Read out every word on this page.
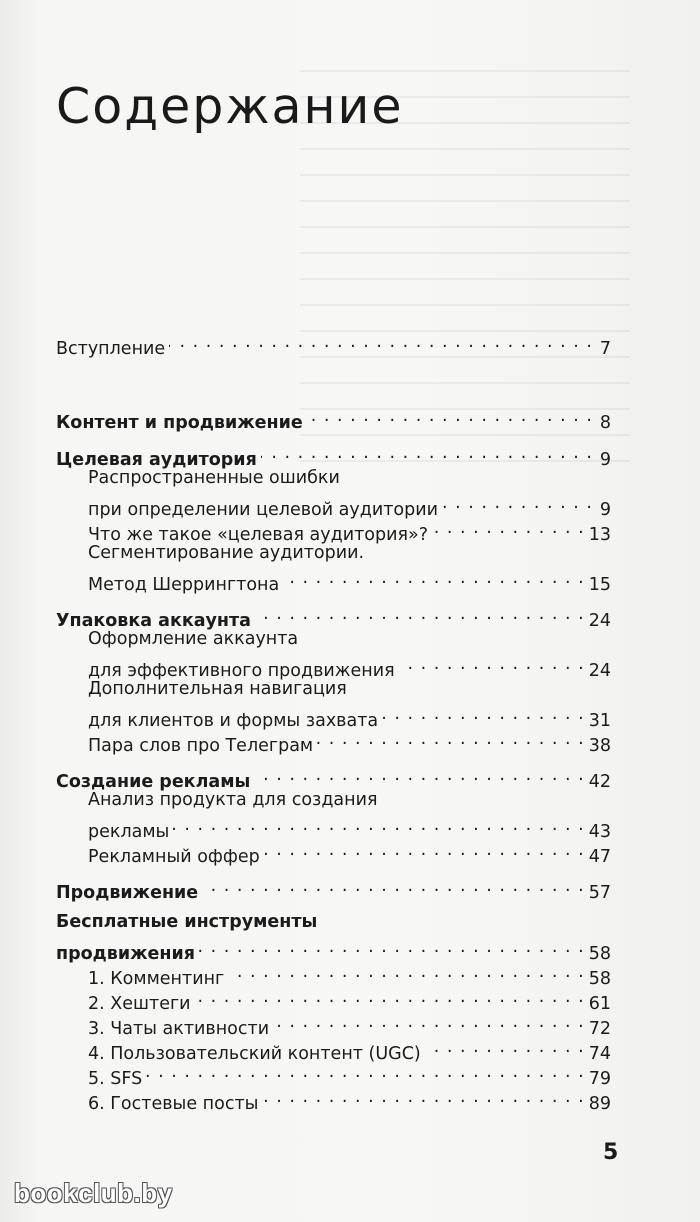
Содержание
Вступление . . .	7
Контент и продвижение . . .	8
Целевая аудитория . . .	9
Распространенные ошибки
при определении целевой аудитории . . .	9
Что же такое «целевая аудитория»? . . .	13
Сегментирование аудитории.
Метод Шеррингтона . . .	15
Упаковка аккаунта . . .	24
Оформление аккаунта
для эффективного продвижения . . .	24
Дополнительная навигация
для клиентов и формы захвата . . .	31
Пара слов про Телеграм . . .	38
Создание рекламы . . .	42
Анализ продукта для создания
рекламы . . .	43
Рекламный оффер . . .	47
Продвижение . . .	57
Бесплатные инструменты
продвижения . . .	58
1. Комментинг . . .	58
2. Хештеги . . .	61
3. Чаты активности . . .	72
4. Пользовательский контент (UGC) . . .	74
5. SFS . . .	79
6. Гостевые посты . . .	89
5
bookclub.by
